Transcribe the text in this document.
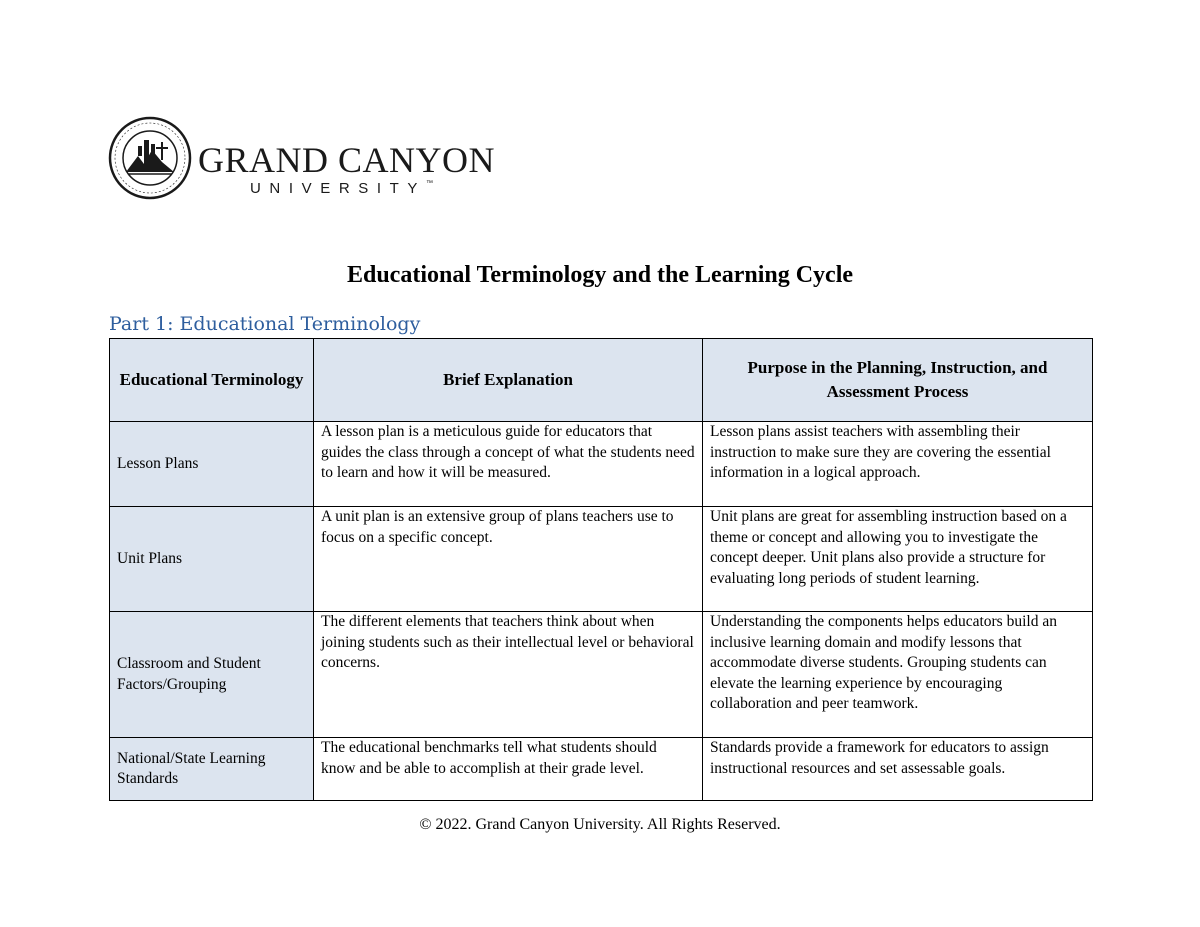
GRAND CANYON
UNIVERSITY™
Educational Terminology and the Learning Cycle
Part 1: Educational Terminology
Educational Terminology	Brief Explanation	Purpose in the Planning, Instruction, and Assessment Process
Lesson Plans	A lesson plan is a meticulous guide for educators that guides the class through a concept of what the students need to learn and how it will be measured.	Lesson plans assist teachers with assembling their instruction to make sure they are covering the essential information in a logical approach.
Unit Plans	A unit plan is an extensive group of plans teachers use to focus on a specific concept.	Unit plans are great for assembling instruction based on a theme or concept and allowing you to investigate the concept deeper. Unit plans also provide a structure for evaluating long periods of student learning.
Classroom and Student Factors/Grouping	The different elements that teachers think about when joining students such as their intellectual level or behavioral concerns.	Understanding the components helps educators build an inclusive learning domain and modify lessons that accommodate diverse students. Grouping students can elevate the learning experience by encouraging collaboration and peer teamwork.
National/State Learning Standards	The educational benchmarks tell what students should know and be able to accomplish at their grade level.	Standards provide a framework for educators to assign instructional resources and set assessable goals.
© 2022. Grand Canyon University. All Rights Reserved.
